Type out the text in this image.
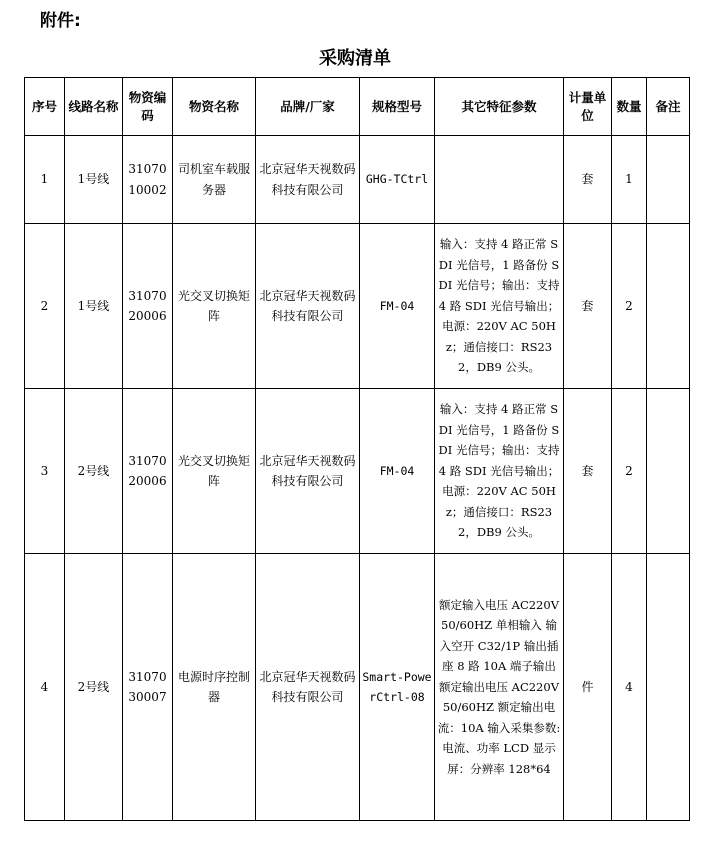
附件:
采购清单
序号	线路名称	物资编码	物资名称	品牌/厂家	规格型号	其它特征参数	计量单位	数量	备注
1	1号线	3107010002	司机室车载服务器	北京冠华天视数码科技有限公司	GHG-TCtrl		套	1	
2	1号线	3107020006	光交叉切换矩阵	北京冠华天视数码科技有限公司	FM-04	输入：支持 4 路正常 SDI 光信号，1 路备份 SDI 光信号；输出：支持 4 路 SDI 光信号输出；电源：220V AC 50Hz；通信接口：RS232，DB9 公头。	套	2	
3	2号线	3107020006	光交叉切换矩阵	北京冠华天视数码科技有限公司	FM-04	输入：支持 4 路正常 SDI 光信号，1 路备份 SDI 光信号；输出：支持 4 路 SDI 光信号输出；电源：220V AC 50Hz；通信接口：RS232，DB9 公头。	套	2	
4	2号线	3107030007	电源时序控制器	北京冠华天视数码科技有限公司	Smart-PowerCtrl-08	额定输入电压 AC220V 50/60HZ 单相输入 输入空开 C32/1P 输出插座 8 路 10A 端子输出 额定输出电压 AC220V 50/60HZ 额定输出电流：10A 输入采集参数:电流、功率 LCD 显示屏：分辨率 128*64	件	4	
